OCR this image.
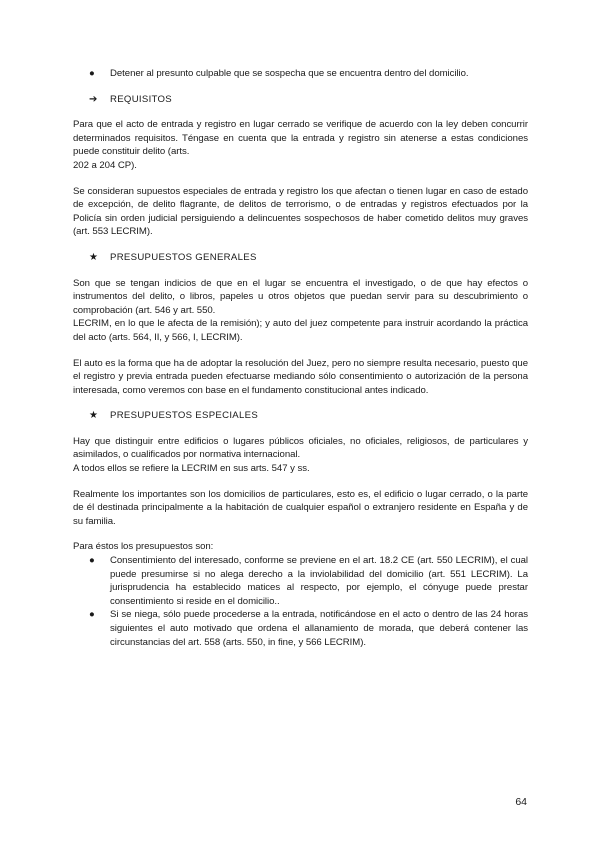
●	Detener al presunto culpable que se sospecha que se encuentra dentro del domicilio.
➔	REQUISITOS

Para que el acto de entrada y registro en lugar cerrado se verifique de acuerdo con la ley deben concurrir determinados requisitos. Téngase en cuenta que la entrada y registro sin atenerse a estas condiciones puede constituir delito (arts.

202 a 204 CP).

Se consideran supuestos especiales de entrada y registro los que afectan o tienen lugar en caso de estado de excepción, de delito flagrante, de delitos de terrorismo, o de entradas y registros efectuados por la Policía sin orden judicial persiguiendo a delincuentes sospechosos de haber cometido delitos muy graves (art. 553 LECRIM).

★	PRESUPUESTOS GENERALES

Son que se tengan indicios de que en el lugar se encuentra el investigado, o de que hay efectos o instrumentos del delito, o libros, papeles u otros objetos que puedan servir para su descubrimiento o comprobación (art. 546 y art. 550.

LECRIM, en lo que le afecta de la remisión); y auto del juez competente para instruir acordando la práctica del acto (arts. 564, II, y 566, I, LECRIM).

El auto es la forma que ha de adoptar la resolución del Juez, pero no siempre resulta necesario, puesto que el registro y previa entrada pueden efectuarse mediando sólo consentimiento o autorización de la persona interesada, como veremos con base en el fundamento constitucional antes indicado.

★	PRESUPUESTOS ESPECIALES

Hay que distinguir entre edificios o lugares públicos oficiales, no oficiales, religiosos, de particulares y asimilados, o cualificados por normativa internacional.

A todos ellos se refiere la LECRIM en sus arts. 547 y ss.

Realmente los importantes son los domicilios de particulares, esto es, el edificio o lugar cerrado, o la parte de él destinada principalmente a la habitación de cualquier español o extranjero residente en España y de su familia.

Para éstos los presupuestos son:

●	Consentimiento del interesado, conforme se previene en el art. 18.2 CE (art. 550 LECRIM), el cual puede presumirse si no alega derecho a la inviolabilidad del domicilio (art. 551 LECRIM). La jurisprudencia ha establecido matices al respecto, por ejemplo, el cónyuge puede prestar consentimiento si reside en el domicilio..
●	Si se niega, sólo puede procederse a la entrada, notificándose en el acto o dentro de las 24 horas siguientes el auto motivado que ordena el allanamiento de morada, que deberá contener las circunstancias del art. 558 (arts. 550, in fine, y 566 LECRIM).
64
